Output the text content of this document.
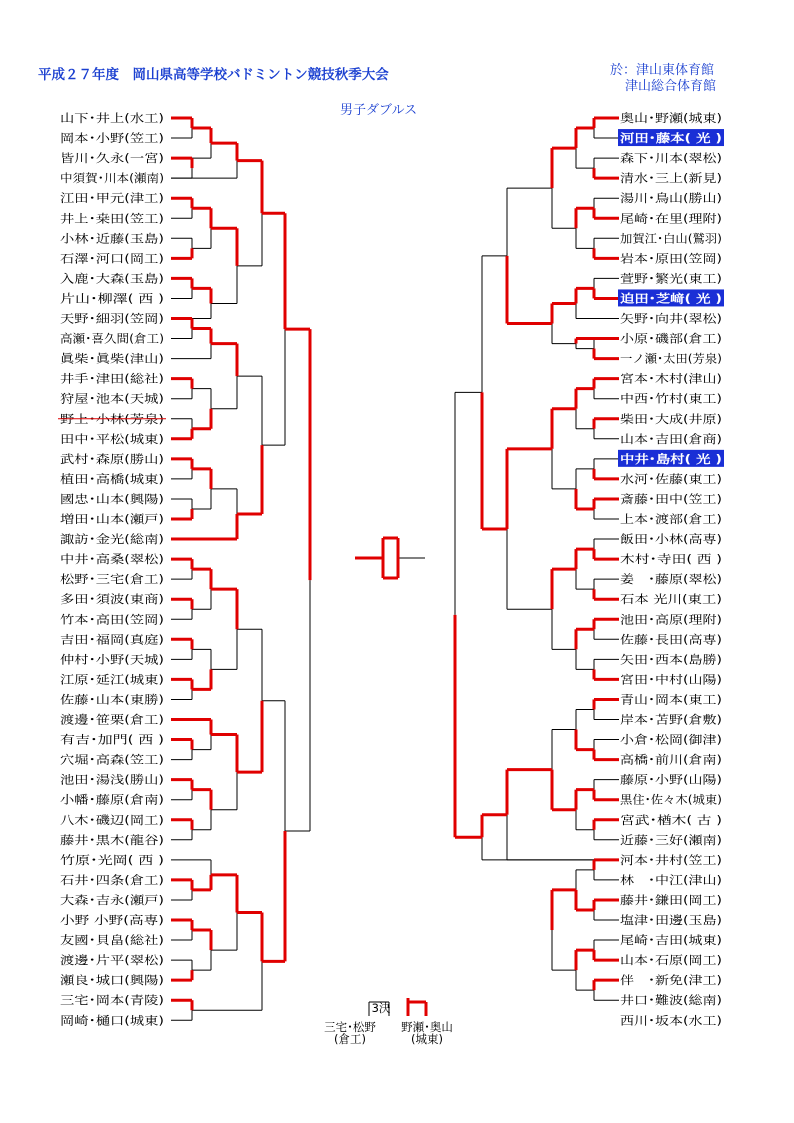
平成２７年度　岡山県高等学校バドミントン競技秋季大会	於：津山東体育館
津山総合体育館
男子ダブルス
山下･井上(水工)
岡本･小野(笠工)
皆川･久永(一宮)
中須賀･川本(瀬南)
江田･甲元(津工)
井上･桒田(笠工)
小林･近藤(玉島)
石澤･河口(岡工)
入鹿･大森(玉島)
片山･柳澤( 西 )
天野･細羽(笠岡)
高瀬･喜久間(倉工)
眞柴･眞柴(津山)
井手･津田(総社)
狩屋･池本(天城)
野上･小林(芳泉)
田中･平松(城東)
武村･森原(勝山)
植田･高橋(城東)
國忠･山本(興陽)
増田･山本(瀬戸)
諏訪･金光(総南)
中井･高桑(翠松)
松野･三宅(倉工)
多田･須波(東商)
竹本･高田(笠岡)
吉田･福岡(真庭)
仲村･小野(天城)
江原･延江(城東)
佐藤･山本(東勝)
渡邊･笹栗(倉工)
有吉･加門( 西 )
穴堀･高森(笠工)
池田･湯浅(勝山)
小幡･藤原(倉南)
八木･磯辺(岡工)
藤井･黒木(龍谷)
竹原･光岡( 西 )
石井･四条(倉工)
大森･吉永(瀬戸)
小野 小野(高専)
友國･貝畠(総社)
渡邊･片平(翠松)
瀬良･城口(興陽)
三宅･岡本(青陵)
岡崎･樋口(城東)
奥山･野瀬(城東)
河田･藤本( 光 )
森下･川本(翠松)
清水･三上(新見)
湯川･鳥山(勝山)
尾崎･在里(理附)
加賀江･白山(鷲羽)
岩本･原田(笠岡)
萱野･繁光(東工)
迫田･芝﨑( 光 )
矢野･向井(翠松)
小原･磯部(倉工)
一ノ瀬･太田(芳泉)
宮本･木村(津山)
中西･竹村(東工)
柴田･大成(井原)
山本･吉田(倉商)
中井･島村( 光 )
水河･佐藤(東工)
斎藤･田中(笠工)
上本･渡部(倉工)
飯田･小林(高専)
木村･寺田( 西 )
姜　･藤原(翠松)
石本 光川(東工)
池田･高原(理附)
佐藤･長田(高専)
矢田･西本(島勝)
宮田･中村(山陽)
青山･岡本(東工)
岸本･苫野(倉敷)
小倉･松岡(御津)
高橋･前川(倉南)
藤原･小野(山陽)
黒住･佐々木(城東)
宮武･楢木( 古 )
近藤･三好(瀬南)
河本･井村(笠工)
林　･中江(津山)
藤井･鎌田(岡工)
塩津･田邊(玉島)
尾崎･吉田(城東)
山本･石原(岡工)
伴　･新免(津工)
井口･難波(総南)
西川･坂本(水工)
3決
三宅･松野
(倉工)
野瀬･奥山
(城東)
